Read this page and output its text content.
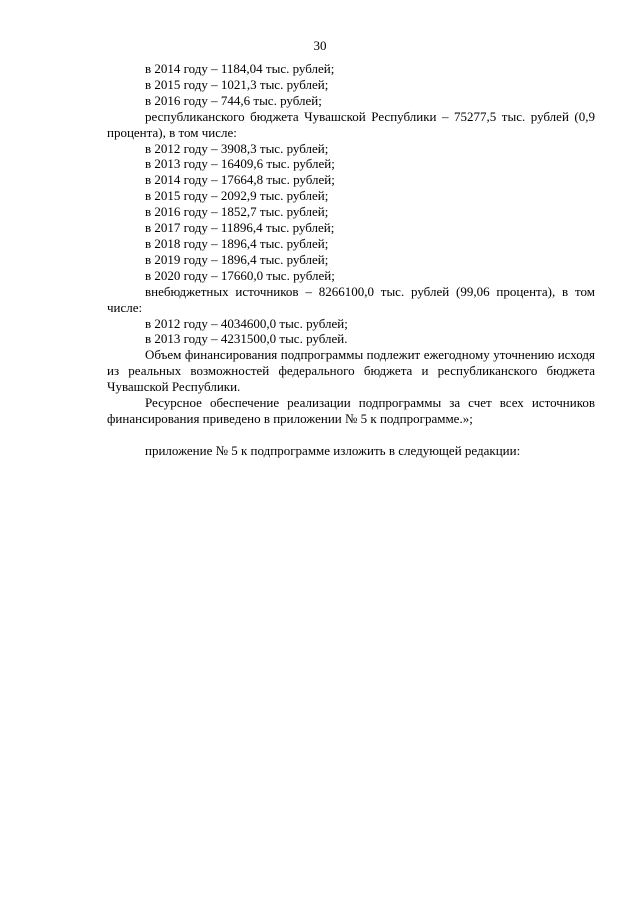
30

в 2014 году – 1184,04 тыс. рублей;

в 2015 году – 1021,3 тыс. рублей;

в 2016 году – 744,6 тыс. рублей;

республиканского бюджета Чувашской Республики – 75277,5 тыс. рублей (0,9 процента), в том числе:

в 2012 году – 3908,3 тыс. рублей;

в 2013 году – 16409,6 тыс. рублей;

в 2014 году – 17664,8 тыс. рублей;

в 2015 году – 2092,9 тыс. рублей;

в 2016 году – 1852,7 тыс. рублей;

в 2017 году – 11896,4 тыс. рублей;

в 2018 году – 1896,4 тыс. рублей;

в 2019 году – 1896,4 тыс. рублей;

в 2020 году – 17660,0 тыс. рублей;

внебюджетных источников – 8266100,0 тыс. рублей (99,06 процента), в том числе:

в 2012 году – 4034600,0 тыс. рублей;

в 2013 году – 4231500,0 тыс. рублей.

Объем финансирования подпрограммы подлежит ежегодному уточнению исходя из реальных возможностей федерального бюджета и республиканского бюджета Чувашской Республики.

Ресурсное обеспечение реализации подпрограммы за счет всех источников финансирования приведено в приложении № 5 к подпрограмме.»;

приложение № 5 к подпрограмме изложить в следующей редакции:
